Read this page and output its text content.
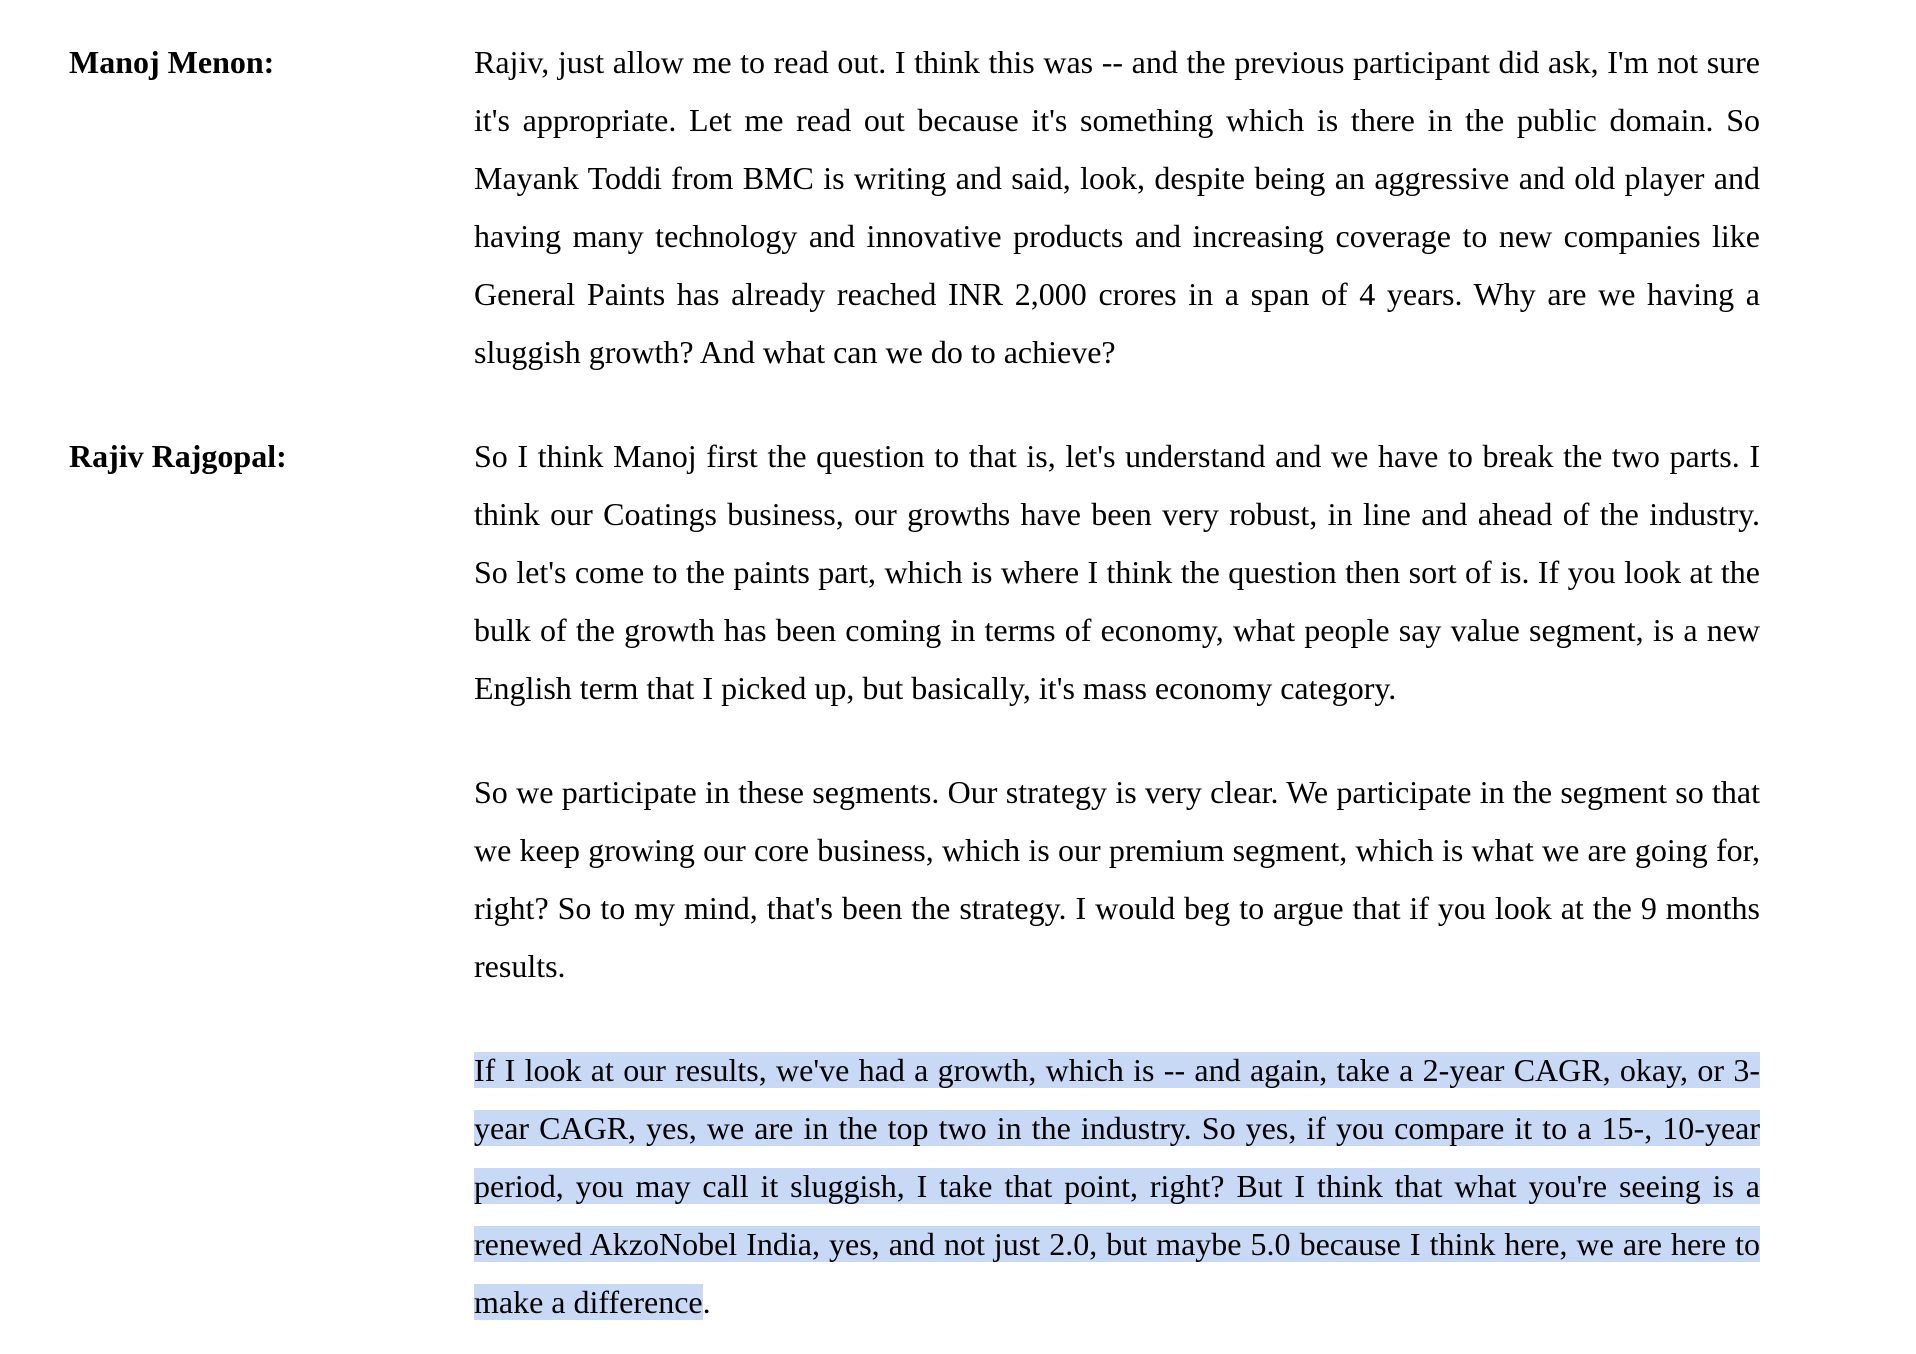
Manoj Menon:	Rajiv, just allow me to read out. I think this was -- and the previous participant did ask, I'm not sure it's appropriate. Let me read out because it's something which is there in the public domain. So Mayank Toddi from BMC is writing and said, look, despite being an aggressive and old player and having many technology and innovative products and increasing coverage to new companies like General Paints has already reached INR 2,000 crores in a span of 4 years. Why are we having a sluggish growth? And what can we do to achieve?

Rajiv Rajgopal:	So I think Manoj first the question to that is, let's understand and we have to break the two parts. I think our Coatings business, our growths have been very robust, in line and ahead of the industry. So let's come to the paints part, which is where I think the question then sort of is. If you look at the bulk of the growth has been coming in terms of economy, what people say value segment, is a new English term that I picked up, but basically, it's mass economy category.

So we participate in these segments. Our strategy is very clear. We participate in the segment so that we keep growing our core business, which is our premium segment, which is what we are going for, right? So to my mind, that's been the strategy. I would beg to argue that if you look at the 9 months results.

If I look at our results, we've had a growth, which is -- and again, take a 2-year CAGR, okay, or 3-year CAGR, yes, we are in the top two in the industry. So yes, if you compare it to a 15-, 10-year period, you may call it sluggish, I take that point, right? But I think that what you're seeing is a renewed AkzoNobel India, yes, and not just 2.0, but maybe 5.0 because I think here, we are here to make a difference.
